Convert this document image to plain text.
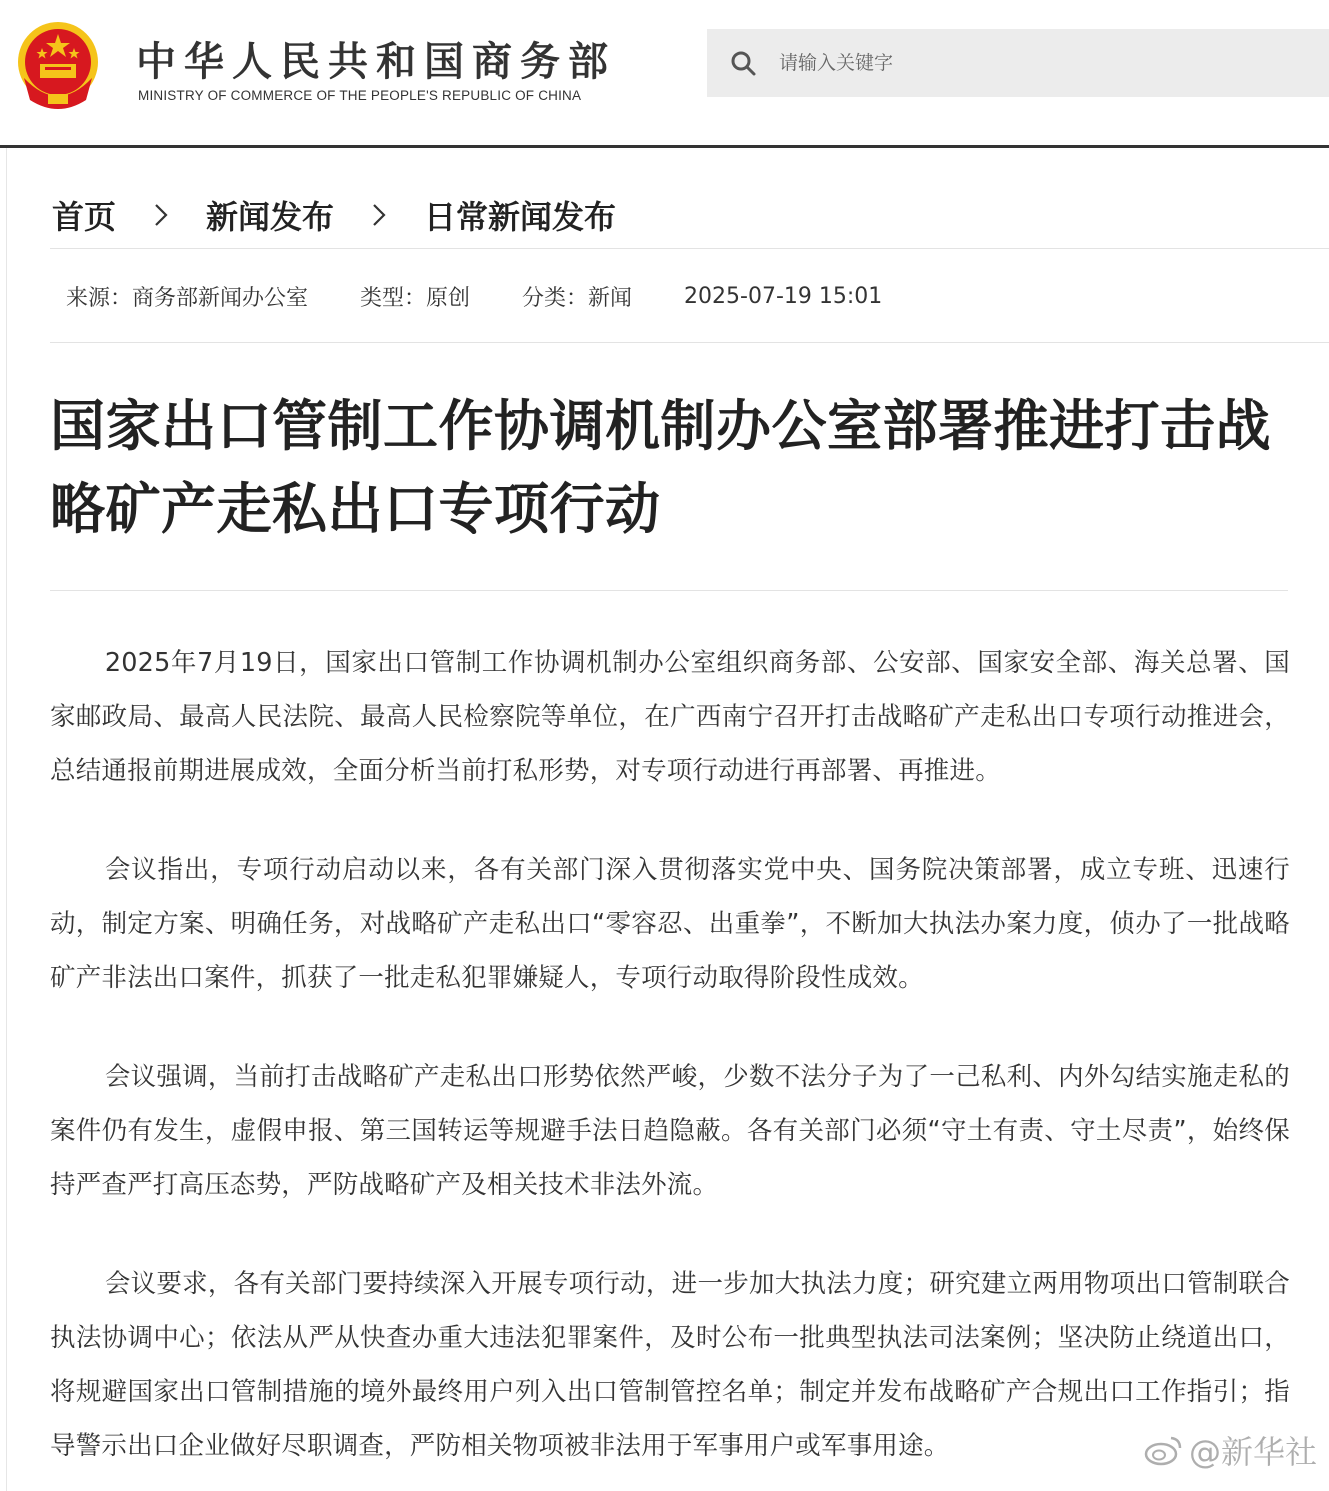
中华人民共和国商务部
MINISTRY OF COMMERCE OF THE PEOPLE'S REPUBLIC OF CHINA
请输入关键字
首页	新闻发布	日常新闻发布
来源：商务部新闻办公室 类型：原创 分类：新闻 2025-07-19 15:01
国家出口管制工作协调机制办公室部署推进打击战略矿产走私出口专项行动

2025年7月19日，国家出口管制工作协调机制办公室组织商务部、公安部、国家安全部、海关总署、国家邮政局、最高人民法院、最高人民检察院等单位，在广西南宁召开打击战略矿产走私出口专项行动推进会，总结通报前期进展成效，全面分析当前打私形势，对专项行动进行再部署、再推进。

会议指出，专项行动启动以来，各有关部门深入贯彻落实党中央、国务院决策部署，成立专班、迅速行动，制定方案、明确任务，对战略矿产走私出口“零容忍、出重拳”，不断加大执法办案力度，侦办了一批战略矿产非法出口案件，抓获了一批走私犯罪嫌疑人，专项行动取得阶段性成效。

会议强调，当前打击战略矿产走私出口形势依然严峻，少数不法分子为了一己私利、内外勾结实施走私的案件仍有发生，虚假申报、第三国转运等规避手法日趋隐蔽。各有关部门必须“守土有责、守土尽责”，始终保持严查严打高压态势，严防战略矿产及相关技术非法外流。

会议要求，各有关部门要持续深入开展专项行动，进一步加大执法力度；研究建立两用物项出口管制联合执法协调中心；依法从严从快查办重大违法犯罪案件，及时公布一批典型执法司法案例；坚决防止绕道出口，将规避国家出口管制措施的境外最终用户列入出口管制管控名单；制定并发布战略矿产合规出口工作指引；指导警示出口企业做好尽职调查，严防相关物项被非法用于军事用户或军事用途。	@新华社
